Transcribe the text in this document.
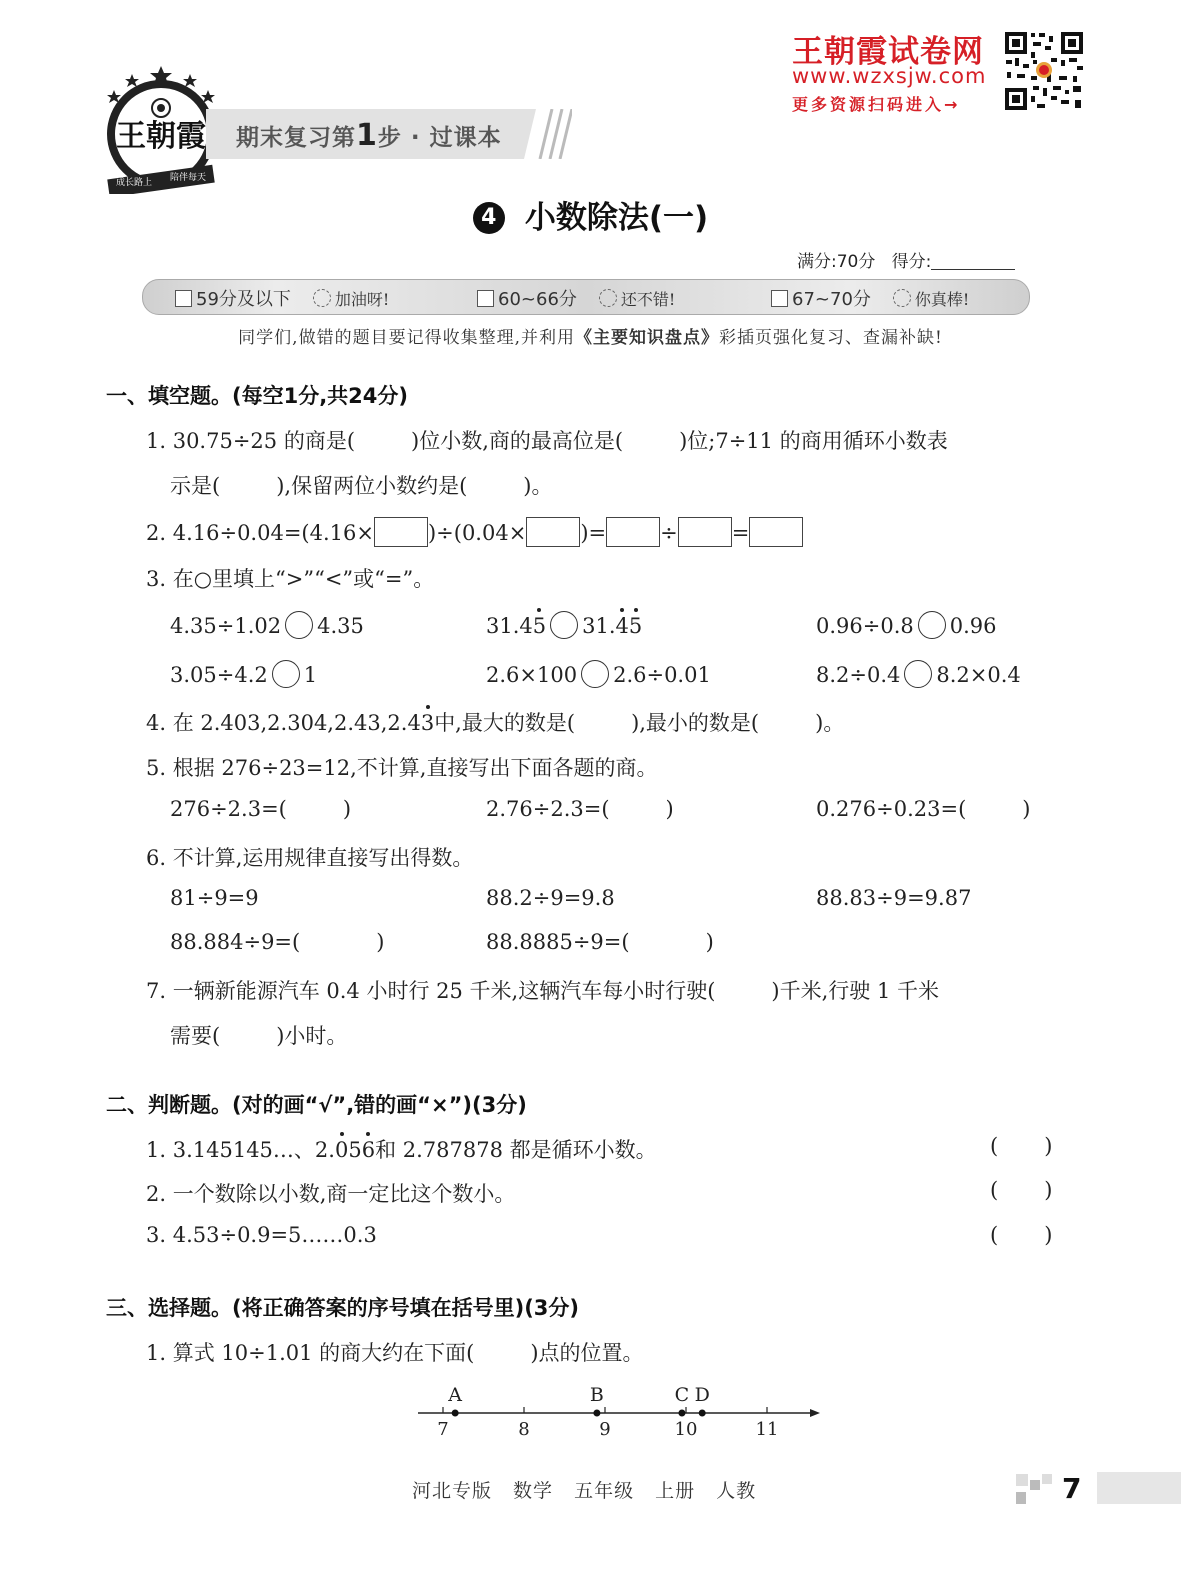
王朝霞试卷网
www.wzxsjw.com
更多资源扫码进入→
王朝霞
成长路上 陪伴每天
期末复习第1步 · 过课本
4 小数除法(一)
满分:70分 得分:
59分及以下	加油呀!	60~66分	还不错!	67~70分	你真棒!
同学们,做错的题目要记得收集整理,并利用《主要知识盘点》彩插页强化复习、查漏补缺!
一、填空题。(每空1分,共24分)
1. 30.75÷25 的商是(	)位小数,商的最高位是(	)位;7÷11 的商用循环小数表
示是(	),保留两位小数约是(	)。
2. 4.16÷0.04=(4.16×	)÷(0.04×	)=	÷	=
3. 在○里填上“>”“<”或“=”。
4.35÷1.02 4.35	31.45 31.45	0.96÷0.8 0.96
3.05÷4.2 1	2.6×100 2.6÷0.01	8.2÷0.4 8.2×0.4
4. 在 2.403,2.304,2.43,2.43中,最大的数是(	),最小的数是(	)。
5. 根据 276÷23=12,不计算,直接写出下面各题的商。
276÷2.3=(	)	2.76÷2.3=(	)	0.276÷0.23=(	)
6. 不计算,运用规律直接写出得数。
81÷9=9	88.2÷9=9.8	88.83÷9=9.87
88.884÷9=(	)	88.8885÷9=(	)
7. 一辆新能源汽车 0.4 小时行 25 千米,这辆汽车每小时行驶(	)千米,行驶 1 千米
需要(	)小时。
二、判断题。(对的画“√”,错的画“×”)(3分)
1. 3.145145…、2.056和 2.787878 都是循环小数。	( )
2. 一个数除以小数,商一定比这个数小。	( )
3. 4.53÷0.9=5……0.3	( )
三、选择题。(将正确答案的序号填在括号里)(3分)
1. 算式 10÷1.01 的商大约在下面(	)点的位置。
7	8	9	10	11
A	B	C D
河北专版 数学 五年级 上册 人教	7
